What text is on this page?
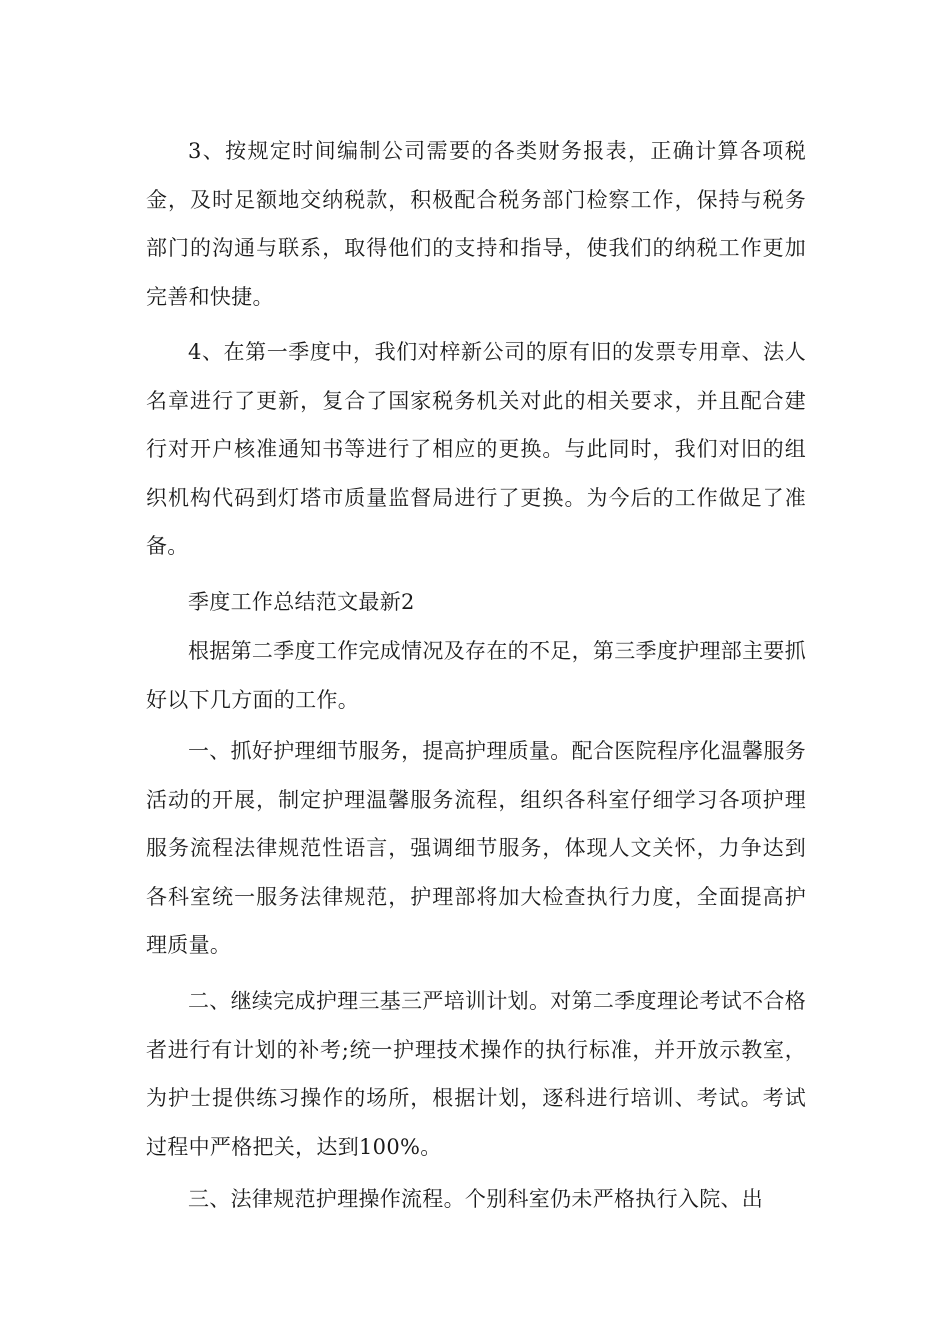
3、按规定时间编制公司需要的各类财务报表，正确计算各项税金，及时足额地交纳税款，积极配合税务部门检察工作，保持与税务部门的沟通与联系，取得他们的支持和指导，使我们的纳税工作更加完善和快捷。

4、在第一季度中，我们对梓新公司的原有旧的发票专用章、法人名章进行了更新，复合了国家税务机关对此的相关要求，并且配合建行对开户核准通知书等进行了相应的更换。与此同时，我们对旧的组织机构代码到灯塔市质量监督局进行了更换。为今后的工作做足了准备。

季度工作总结范文最新2

根据第二季度工作完成情况及存在的不足，第三季度护理部主要抓好以下几方面的工作。

一、抓好护理细节服务，提高护理质量。配合医院程序化温馨服务活动的开展，制定护理温馨服务流程，组织各科室仔细学习各项护理服务流程法律规范性语言，强调细节服务，体现人文关怀，力争达到各科室统一服务法律规范，护理部将加大检查执行力度，全面提高护理质量。

二、继续完成护理三基三严培训计划。对第二季度理论考试不合格者进行有计划的补考;统一护理技术操作的执行标准，并开放示教室，为护士提供练习操作的场所，根据计划，逐科进行培训、考试。考试过程中严格把关，达到100%。

三、法律规范护理操作流程。个别科室仍未严格执行入院、出
